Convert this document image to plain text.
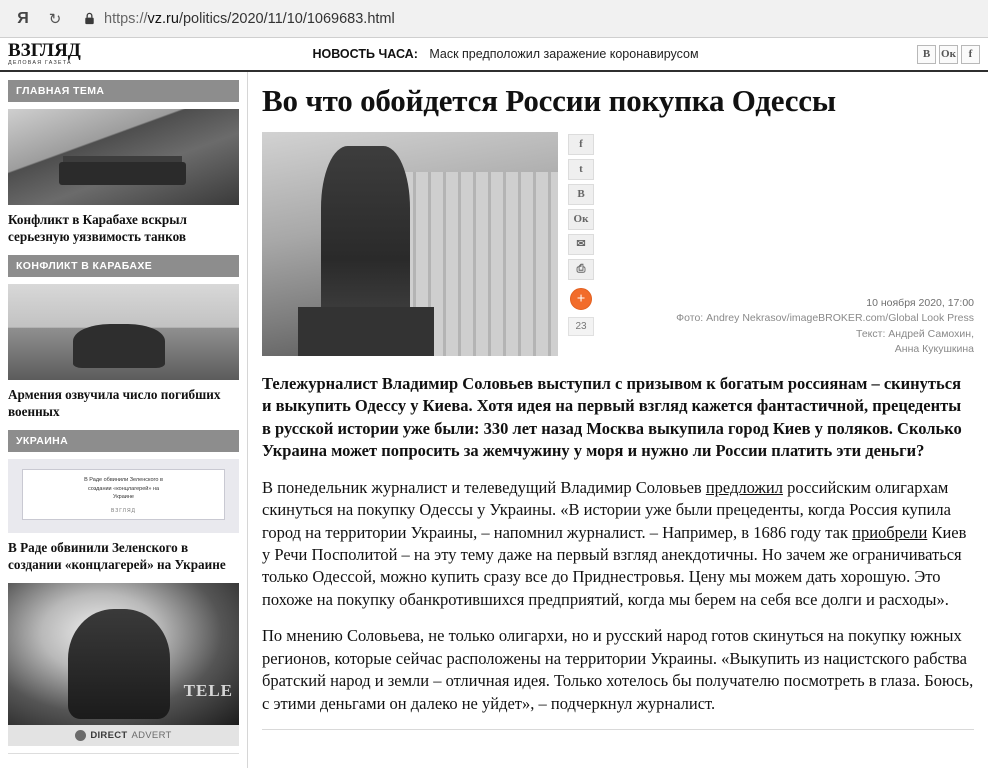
Я	↻	https://vz.ru/politics/2020/11/10/1069683.html
ВЗГЛЯД
ДЕЛОВАЯ ГАЗЕТА
НОВОСТЬ ЧАСА: Маск предположил заражение коронавирусом	В Ок	f
ГЛАВНАЯ ТЕМА
Конфликт в Карабахе вскрыл серьезную уязвимость танков
КОНФЛИКТ В КАРАБАХЕ
Армения озвучила число погибших военных
УКРАИНА
В Раде обвинили Зеленского в
создании «концлагерей» на
Украине
ВЗГЛЯД
В Раде обвинили Зеленского в создании «концлагерей» на Украине
TELE
DIRECT ADVERT
Во что обойдется России покупка Одессы
f
t
В
Ок
✉
⎙
+
23
10 ноября 2020, 17:00
Фото: Andrey Nekrasov/imageBROKER.com/Global Look Press
Текст: Андрей Самохин,
Анна Кукушкина
Тележурналист Владимир Соловьев выступил с призывом к богатым россиянам – скинуться и выкупить Одессу у Киева. Хотя идея на первый взгляд кажется фантастичной, прецеденты в русской истории уже были: 330 лет назад Москва выкупила город Киев у поляков. Сколько Украина может попросить за жемчужину у моря и нужно ли России платить эти деньги?

В понедельник журналист и телеведущий Владимир Соловьев предложил российским олигархам скинуться на покупку Одессы у Украины. «В истории уже были прецеденты, когда Россия купила город на территории Украины, – напомнил журналист. – Например, в 1686 году так приобрели Киев у Речи Посполитой – на эту тему даже на первый взгляд анекдотичны. Но зачем же ограничиваться только Одессой, можно купить сразу все до Приднестровья. Цену мы можем дать хорошую. Это похоже на покупку обанкротившихся предприятий, когда мы берем на себя все долги и расходы».

По мнению Соловьева, не только олигархи, но и русский народ готов скинуться на покупку южных регионов, которые сейчас расположены на территории Украины. «Выкупить из нацистского рабства братский народ и земли – отличная идея. Только хотелось бы получателю посмотреть в глаза. Боюсь, с этими деньгами он далеко не уйдет», – подчеркнул журналист.
